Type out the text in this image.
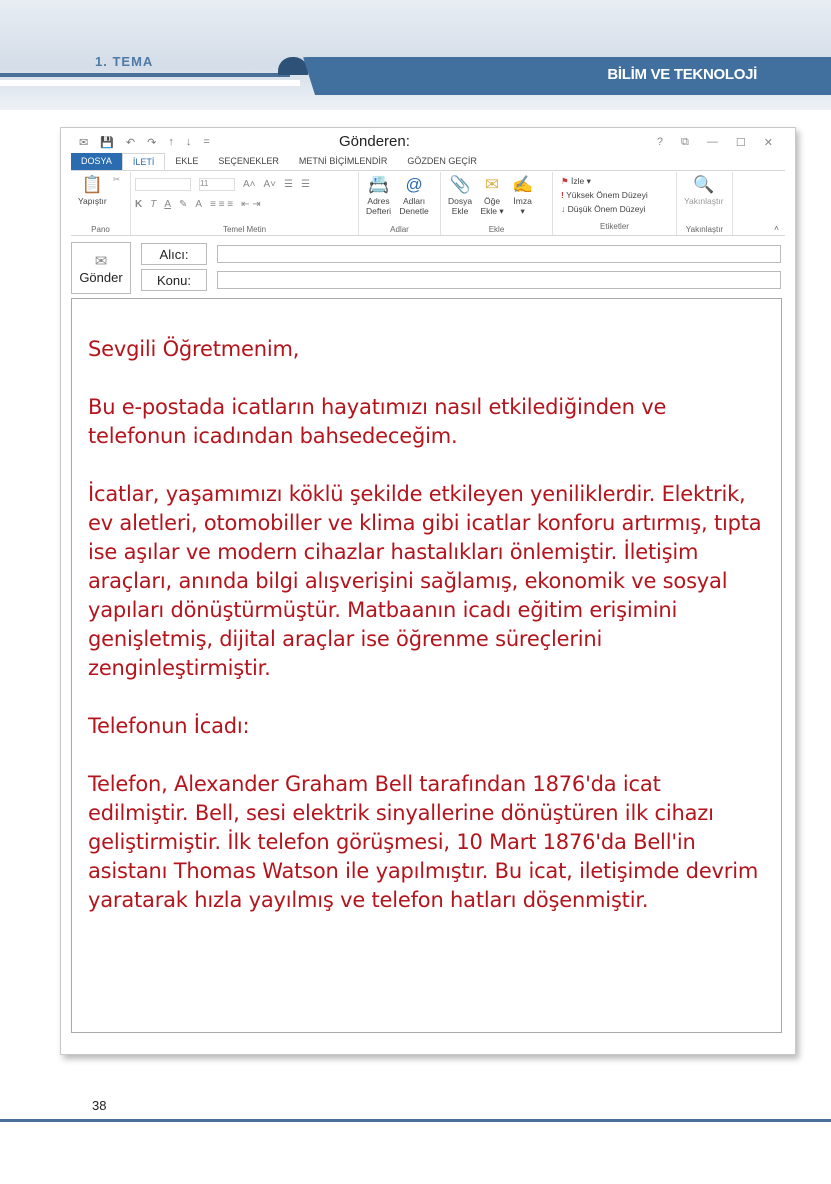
1. TEMA
BİLİM VE TEKNOLOJİ
✉ 💾 ↶ ↷ ↑ ↓ =	Gönderen:	? ⧉ — ☐ ✕
DOSYA	İLETİ	EKLE	SEÇENEKLER	METNİ BİÇİMLENDİR	GÖZDEN GEÇİR
📋
Yapıştır
✂
Pano
11	A˄ A˅ ☰ ☰
K T A ✎ A ≡ ≡ ≡ ⇤ ⇥
Temel Metin
📇
Adres
Defteri

@
Adları
Denetle
Adlar
📎
Dosya
Ekle

✉
Öğe
Ekle ▾

✍
İmza
▾
Ekle
⚑ İzle ▾
! Yüksek Önem Düzeyi
↓ Düşük Önem Düzeyi
Etiketler
🔍
Yakınlaştır
Yakınlaştır	˄
✉
Gönder
Alıcı:
Konu:

Sevgili Öğretmenim,

Bu e-postada icatların hayatımızı nasıl etkilediğinden ve telefonun icadından bahsedeceğim.

İcatlar, yaşamımızı köklü şekilde etkileyen yeniliklerdir. Elektrik, ev aletleri, otomobiller ve klima gibi icatlar konforu artırmış, tıpta ise aşılar ve modern cihazlar hastalıkları önlemiştir. İletişim araçları, anında bilgi alışverişini sağlamış, ekonomik ve sosyal yapıları dönüştürmüştür. Matbaanın icadı eğitim erişimini genişletmiş, dijital araçlar ise öğrenme süreçlerini zenginleştirmiştir.

Telefonun İcadı:

Telefon, Alexander Graham Bell tarafından 1876'da icat edilmiştir. Bell, sesi elektrik sinyallerine dönüştüren ilk cihazı geliştirmiştir. İlk telefon görüşmesi, 10 Mart 1876'da Bell'in asistanı Thomas Watson ile yapılmıştır. Bu icat, iletişimde devrim yaratarak hızla yayılmış ve telefon hatları döşenmiştir.

38
